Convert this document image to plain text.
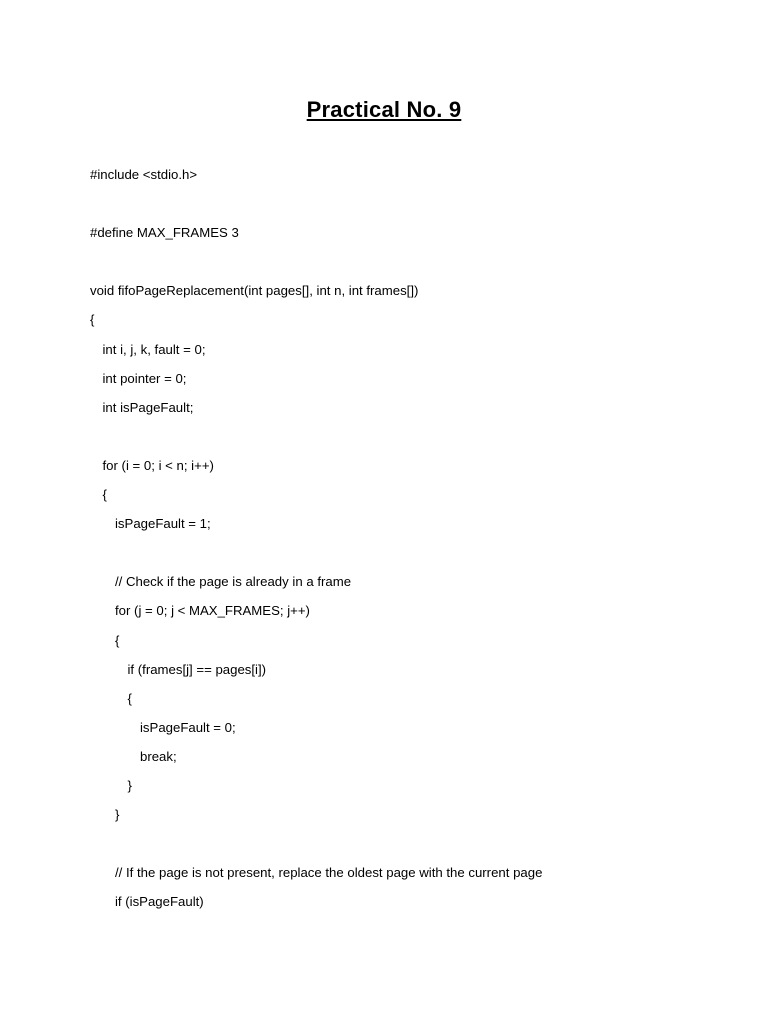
Practical No. 9
#include <stdio.h>
#define MAX_FRAMES 3
void fifoPageReplacement(int pages[], int n, int frames[])
{
int i, j, k, fault = 0;
int pointer = 0;
int isPageFault;
for (i = 0; i < n; i++)
{
isPageFault = 1;
// Check if the page is already in a frame
for (j = 0; j < MAX_FRAMES; j++)
{
if (frames[j] == pages[i])
{
isPageFault = 0;
break;
}
}
// If the page is not present, replace the oldest page with the current page
if (isPageFault)
